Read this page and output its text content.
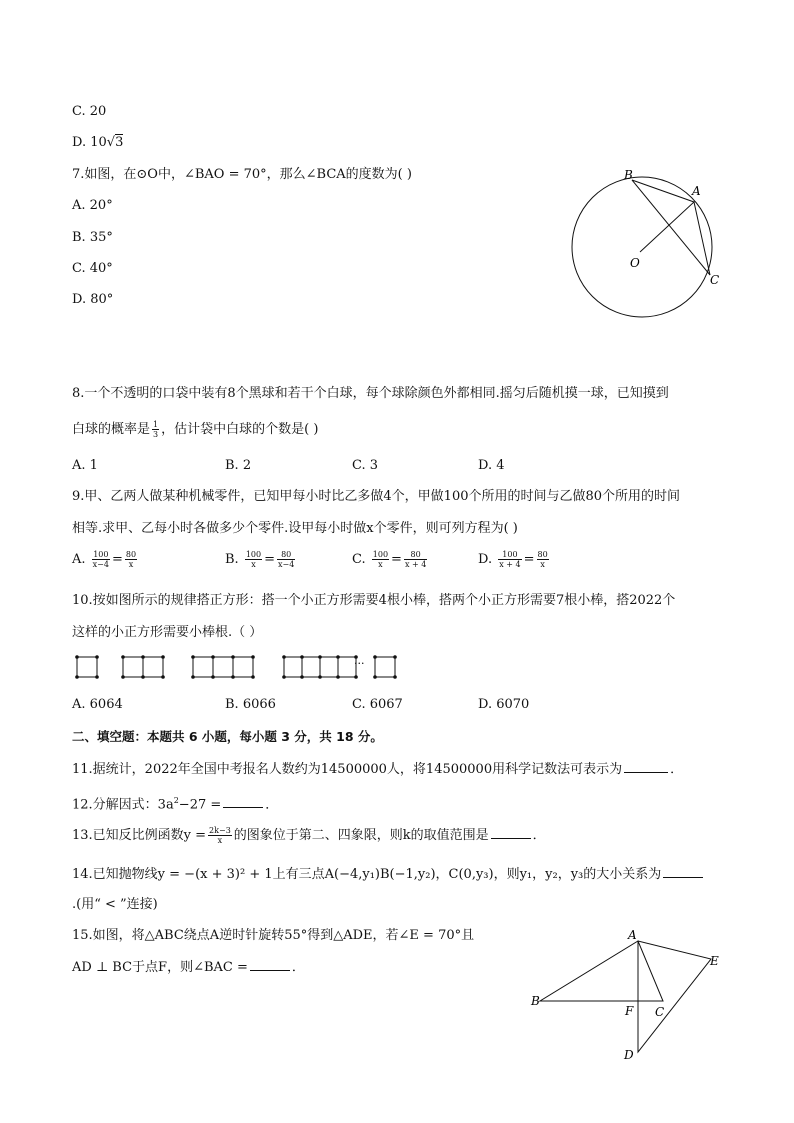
C. 20
D. 10√3
7.如图，在⊙O中，∠BAO = 70°，那么∠BCA的度数为( )
A. 20°
B. 35°
C. 40°
D. 80°
B
A
O
C
8.一个不透明的口袋中装有8个黑球和若干个白球，每个球除颜色外都相同.摇匀后随机摸一球，已知摸到
白球的概率是 $\frac{1}{3}$ ，估计袋中白球的个数是( )
A. 1	B. 2	C. 3	D. 4
9.甲、乙两人做某种机械零件，已知甲每小时比乙多做4个，甲做100个所用的时间与乙做80个所用的时间
相等.求甲、乙每小时各做多少个零件.设甲每小时做x个零件，则可列方程为( )
A. $\frac{100}{x-4} = \frac{80}{x}$	B. $\frac{100}{x} = \frac{80}{x-4}$	C. $\frac{100}{x} = \frac{80}{x + 4}$	D. $\frac{100}{x + 4} = \frac{80}{x}$
10.按如图所示的规律搭正方形：搭一个小正方形需要4根小棒，搭两个小正方形需要7根小棒，搭2022个
这样的小正方形需要小棒根.（ ）
···
A. 6064	B. 6066	C. 6067	D. 6070
二、填空题：本题共 6 小题，每小题 3 分，共 18 分。
11.据统计，2022年全国中考报名人数约为14500000人，将14500000用科学记数法可表示为	．
12.分解因式：$3a^2-27$ =	．
13.已知反比例函数$y = \frac{2k-3}{x}$ 的图象位于第二、四象限，则k的取值范围是	．
14.已知抛物线y = −(x + 3)² + 1上有三点A(−4,y₁)B(−1,y₂)，C(0,y₃)，则y₁，y₂，y₃的大小关系为
.(用“ < ”连接)
15.如图，将△ABC绕点A逆时针旋转55°得到△ADE，若∠E = 70°且
AD ⊥ BC于点F，则∠BAC =	．
A
B
E
F C
D
